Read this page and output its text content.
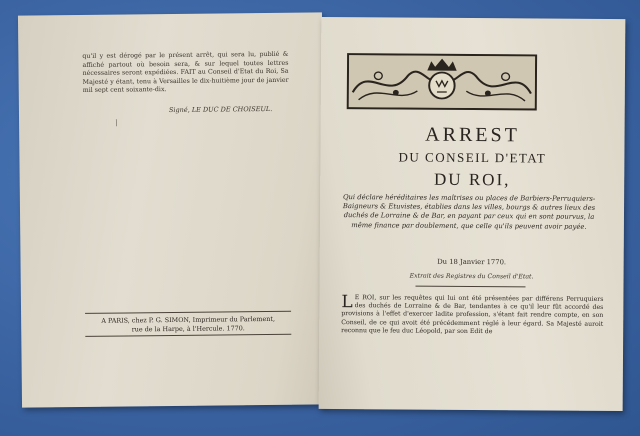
qu'il y est dérogé par le présent arrêt, qui sera lu, publié & affiché partout où besoin sera, & sur lequel toutes lettres nécessaires seront expédiées. FAIT au Conseil d'Etat du Roi, Sa Majesté y étant, tenu à Versailles le dix-huitième jour de janvier mil sept cent soixante-dix.
Signé, LE DUC DE CHOISEUL.
|
A PARIS, chez P. G. SIMON, Imprimeur du Parlement,
rue de la Harpe, à l'Hercule. 1770.
ARREST
DU CONSEIL D'ETAT
DU ROI,
Qui déclare héréditaires les maîtrises ou places de Barbiers-Perruquiers-Baigneurs & Etuvistes, établies dans les villes, bourgs & autres lieux des duchés de Lorraine & de Bar, en payant par ceux qui en sont pourvus, la même finance par doublement, que celle qu'ils peuvent avoir payée.
Du 18 Janvier 1770.
Extrait des Registres du Conseil d'Etat.
L E ROI, sur les requêtes qui lui ont été présentées par différens Perruquiers des duchés de Lorraine & de Bar, tendantes à ce qu'il leur fût accordé des provisions à l'effet d'exercer ladite profession, s'étant fait rendre compte, en son Conseil, de ce qui avoit été précédemment réglé à leur égard. Sa Majesté auroit reconnu que le feu duc Léopold, par son Edit de
